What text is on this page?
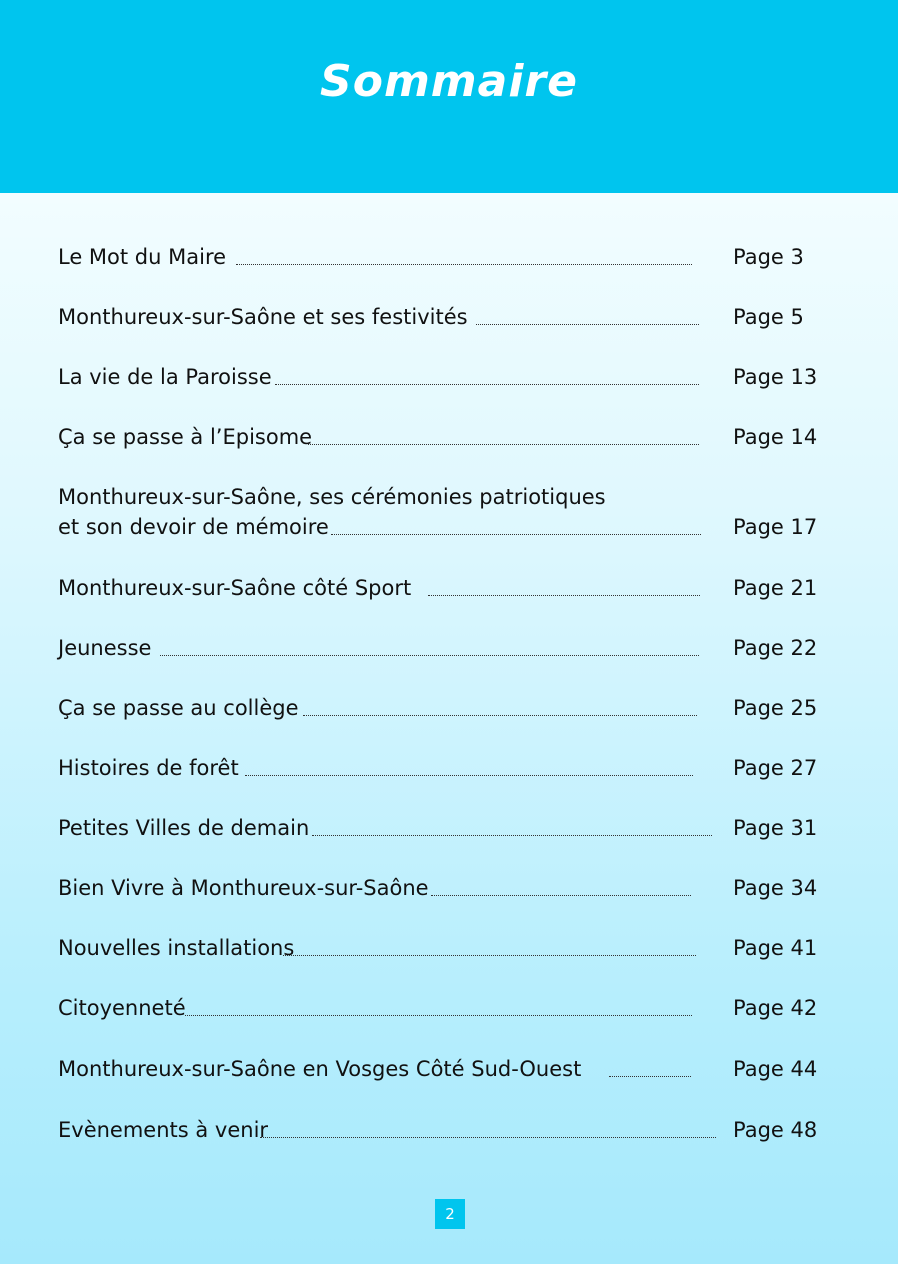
Sommaire
Le Mot du Maire	Page 3
Monthureux-sur-Saône et ses festivités	Page 5
La vie de la Paroisse	Page 13
Ça se passe à l’Episome	Page 14
Monthureux-sur-Saône, ses cérémonies patriotiques
et son devoir de mémoire	Page 17
Monthureux-sur-Saône côté Sport	Page 21
Jeunesse	Page 22
Ça se passe au collège	Page 25
Histoires de forêt	Page 27
Petites Villes de demain	Page 31
Bien Vivre à Monthureux-sur-Saône	Page 34
Nouvelles installations	Page 41
Citoyenneté	Page 42
Monthureux-sur-Saône en Vosges Côté Sud-Ouest	Page 44
Evènements à venir	Page 48
2
